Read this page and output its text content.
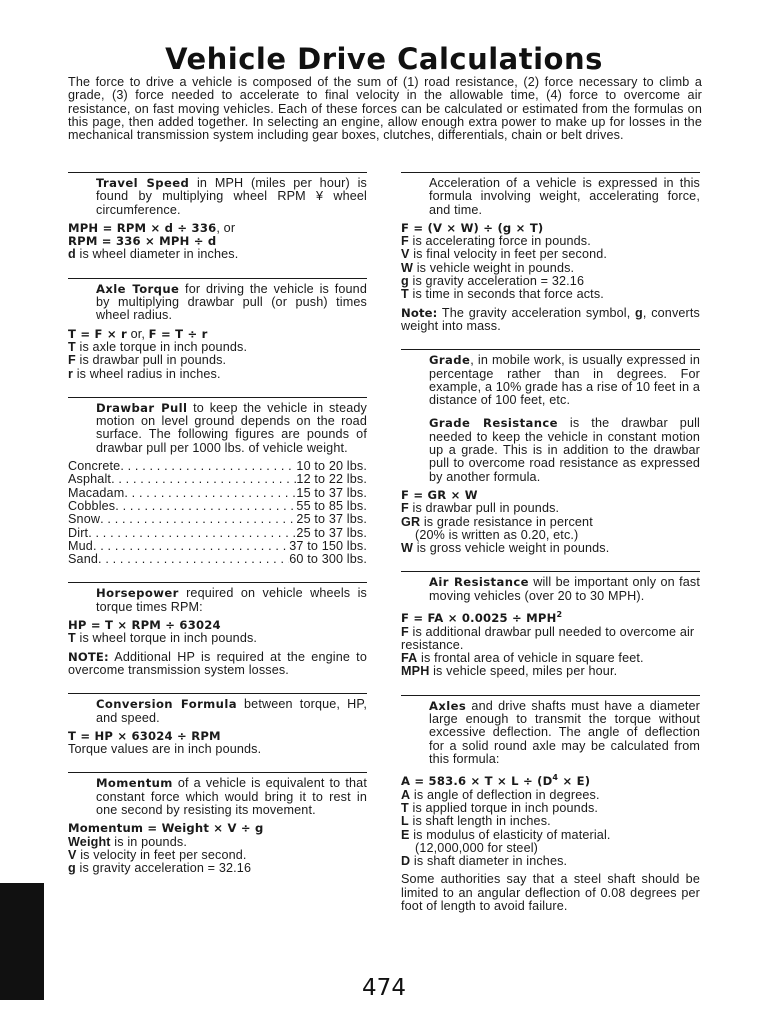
Vehicle Drive Calculations

The force to drive a vehicle is composed of the sum of (1) road resistance, (2) force necessary to climb a grade, (3) force needed to accelerate to final velocity in the allowable time, (4) force to overcome air resistance, on fast moving vehicles. Each of these forces can be calculated or estimated from the formulas on this page, then added together. In selecting an engine, allow enough extra power to make up for losses in the mechanical transmission system including gear boxes, clutches, differentials, chain or belt drives.

Travel Speed in MPH (miles per hour) is found by multiplying wheel RPM ¥ wheel circumference.

MPH = RPM × d ÷ 336, or
RPM = 336 × MPH ÷ d
d is wheel diameter in inches.

Axle Torque for driving the vehicle is found by multiplying drawbar pull (or push) times wheel radius.

T = F × r or, F = T ÷ r
T is axle torque in inch pounds.
F is drawbar pull in pounds.
r is wheel radius in inches.

Drawbar Pull to keep the vehicle in steady motion on level ground depends on the road surface. The following figures are pounds of drawbar pull per 1000 lbs. of vehicle weight.

Concrete . . .	10 to 20 lbs.
Asphalt . . .	12 to 22 lbs.
Macadam . . .	15 to 37 lbs.
Cobbles . . .	55 to 85 lbs.
Snow . . .	25 to 37 lbs.
Dirt . . .	25 to 37 lbs.
Mud . . .	37 to 150 lbs.
Sand . . .	60 to 300 lbs.

Horsepower required on vehicle wheels is torque times RPM:

HP = T × RPM ÷ 63024
T is wheel torque in inch pounds.

NOTE: Additional HP is required at the engine to overcome transmission system losses.

Conversion Formula between torque, HP, and speed.

T = HP × 63024 ÷ RPM
Torque values are in inch pounds.

Momentum of a vehicle is equivalent to that constant force which would bring it to rest in one second by resisting its movement.

Momentum = Weight × V ÷ g
Weight is in pounds.
V is velocity in feet per second.
g is gravity acceleration = 32.16

Acceleration of a vehicle is expressed in this formula involving weight, accelerating force, and time.

F = (V × W) ÷ (g × T)
F is accelerating force in pounds.
V is final velocity in feet per second.
W is vehicle weight in pounds.
g is gravity acceleration = 32.16
T is time in seconds that force acts.

Note: The gravity acceleration symbol, g, converts weight into mass.

Grade, in mobile work, is usually expressed in percentage rather than in degrees. For example, a 10% grade has a rise of 10 feet in a distance of 100 feet, etc.

Grade Resistance is the drawbar pull needed to keep the vehicle in constant motion up a grade. This is in addition to the drawbar pull to overcome road resistance as expressed by another formula.

F = GR × W
F is drawbar pull in pounds.
GR is grade resistance in percent
(20% is written as 0.20, etc.)
W is gross vehicle weight in pounds.

Air Resistance will be important only on fast moving vehicles (over 20 to 30 MPH).

F = FA × $0.0025 \div MPH^2$
F is additional drawbar pull needed to overcome air resistance.
FA is frontal area of vehicle in square feet.
MPH is vehicle speed, miles per hour.

Axles and drive shafts must have a diameter large enough to transmit the torque without excessive deflection. The angle of deflection for a solid round axle may be calculated from this formula:

$A = 583.6 \times T \times L \div (D^4 \times E)$
A is angle of deflection in degrees.
T is applied torque in inch pounds.
L is shaft length in inches.
E is modulus of elasticity of material.
(12,000,000 for steel)
D is shaft diameter in inches.

Some authorities say that a steel shaft should be limited to an angular deflection of 0.08 degrees per foot of length to avoid failure.

474
